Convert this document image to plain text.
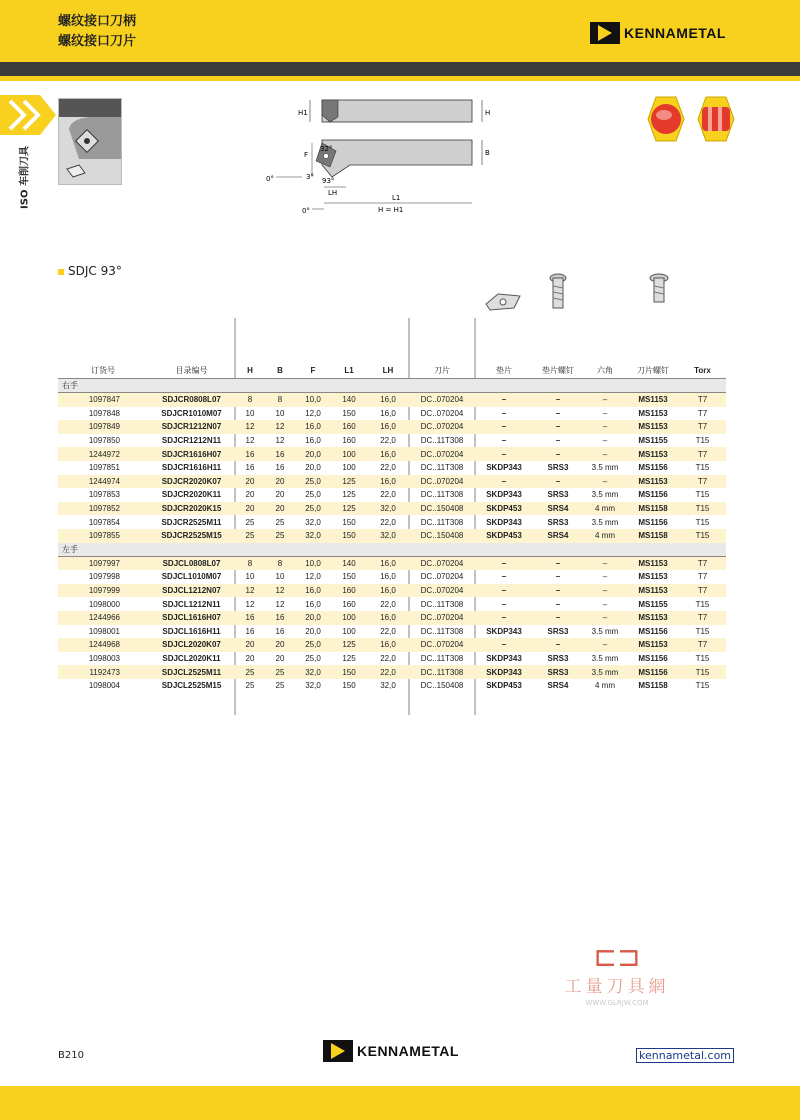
螺纹接口刀柄
螺纹接口刀片
KENNAMETAL
ISO 车削刀具
H1	H
B
F
32°
3° 93°
0°
LH
L1
H = H1
0°
SDJC 93°
订货号	目录编号	H	B	F	L1	LH	刀片	垫片	垫片螺钉	六角	刀片螺钉	Torx
右手												
1097847	SDJCR0808L07	8	8	10,0	140	16,0	DC..070204	–	–	–	MS1153	T7
1097848	SDJCR1010M07	10	10	12,0	150	16,0	DC..070204	–	–	–	MS1153	T7
1097849	SDJCR1212N07	12	12	16,0	160	16,0	DC..070204	–	–	–	MS1153	T7
1097850	SDJCR1212N11	12	12	16,0	160	22,0	DC..11T308	–	–	–	MS1155	T15
1244972	SDJCR1616H07	16	16	20,0	100	16,0	DC..070204	–	–	–	MS1153	T7
1097851	SDJCR1616H11	16	16	20,0	100	22,0	DC..11T308	SKDP343	SRS3	3.5 mm	MS1156	T15
1244974	SDJCR2020K07	20	20	25,0	125	16,0	DC..070204	–	–	–	MS1153	T7
1097853	SDJCR2020K11	20	20	25,0	125	22,0	DC..11T308	SKDP343	SRS3	3.5 mm	MS1156	T15
1097852	SDJCR2020K15	20	20	25,0	125	32,0	DC..150408	SKDP453	SRS4	4 mm	MS1158	T15
1097854	SDJCR2525M11	25	25	32,0	150	22,0	DC..11T308	SKDP343	SRS3	3.5 mm	MS1156	T15
1097855	SDJCR2525M15	25	25	32,0	150	32,0	DC..150408	SKDP453	SRS4	4 mm	MS1158	T15
左手												
1097997	SDJCL0808L07	8	8	10,0	140	16,0	DC..070204	–	–	–	MS1153	T7
1097998	SDJCL1010M07	10	10	12,0	150	16,0	DC..070204	–	–	–	MS1153	T7
1097999	SDJCL1212N07	12	12	16,0	160	16,0	DC..070204	–	–	–	MS1153	T7
1098000	SDJCL1212N11	12	12	16,0	160	22,0	DC..11T308	–	–	–	MS1155	T15
1244966	SDJCL1616H07	16	16	20,0	100	16,0	DC..070204	–	–	–	MS1153	T7
1098001	SDJCL1616H11	16	16	20,0	100	22,0	DC..11T308	SKDP343	SRS3	3.5 mm	MS1156	T15
1244968	SDJCL2020K07	20	20	25,0	125	16,0	DC..070204	–	–	–	MS1153	T7
1098003	SDJCL2020K11	20	20	25,0	125	22,0	DC..11T308	SKDP343	SRS3	3.5 mm	MS1156	T15
1192473	SDJCL2525M11	25	25	32,0	150	22,0	DC..11T308	SKDP343	SRS3	3.5 mm	MS1156	T15
1098004	SDJCL2525M15	25	25	32,0	150	32,0	DC..150408	SKDP453	SRS4	4 mm	MS1158	T15
⊏⊐
工量刀具網
WWW.GLRJW.COM
B210	KENNAMETAL	kennametal.com
